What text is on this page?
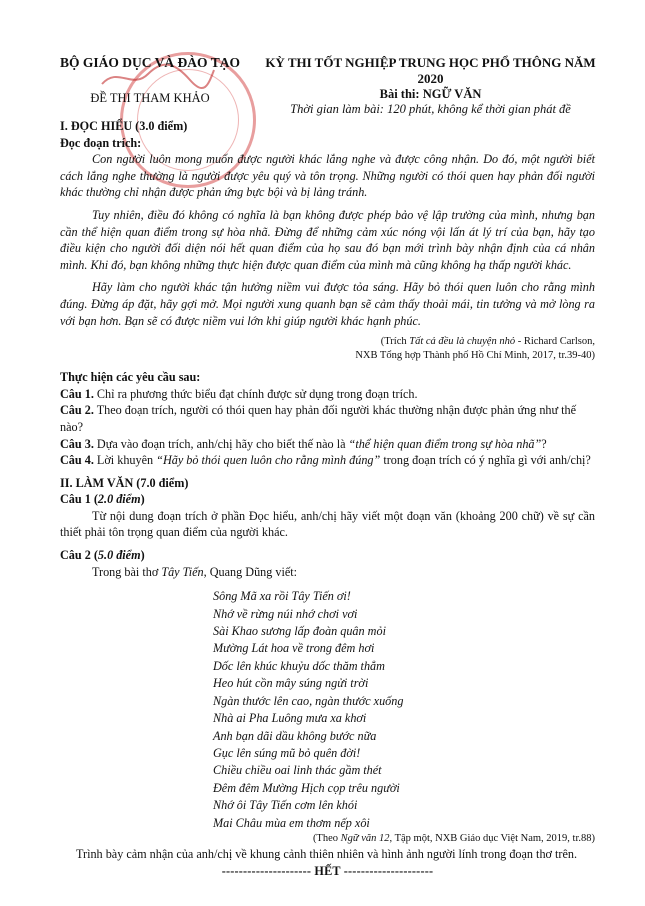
BỘ GIÁO DỤC VÀ ĐÀO TẠO
ĐỀ THI THAM KHẢO
KỲ THI TỐT NGHIỆP TRUNG HỌC PHỔ THÔNG NĂM 2020
Bài thi: NGỮ VĂN
Thời gian làm bài: 120 phút, không kể thời gian phát đề
I. ĐỌC HIỂU (3.0 điểm)
Đọc đoạn trích:

Con người luôn mong muốn được người khác lắng nghe và được công nhận. Do đó, một người biết cách lắng nghe thường là người được yêu quý và tôn trọng. Những người có thói quen hay phản đối người khác thường chỉ nhận được phản ứng bực bội và bị lảng tránh.

Tuy nhiên, điều đó không có nghĩa là bạn không được phép bảo vệ lập trường của mình, nhưng bạn cần thể hiện quan điểm trong sự hòa nhã. Đừng để những cảm xúc nóng vội lấn át lý trí của bạn, hãy tạo điều kiện cho người đối diện nói hết quan điểm của họ sau đó bạn mới trình bày nhận định của cá nhân mình. Khi đó, bạn không những thực hiện được quan điểm của mình mà cũng không hạ thấp người khác.

Hãy làm cho người khác tận hưởng niềm vui được tỏa sáng. Hãy bỏ thói quen luôn cho rằng mình đúng. Đừng áp đặt, hãy gợi mở. Mọi người xung quanh bạn sẽ cảm thấy thoải mái, tin tưởng và mở lòng ra với bạn hơn. Bạn sẽ có được niềm vui lớn khi giúp người khác hạnh phúc.

(Trích Tất cả đều là chuyện nhỏ - Richard Carlson,
NXB Tổng hợp Thành phố Hồ Chí Minh, 2017, tr.39-40)
Thực hiện các yêu cầu sau:

Câu 1. Chỉ ra phương thức biểu đạt chính được sử dụng trong đoạn trích.

Câu 2. Theo đoạn trích, người có thói quen hay phản đối người khác thường nhận được phản ứng như thế nào?

Câu 3. Dựa vào đoạn trích, anh/chị hãy cho biết thế nào là “thể hiện quan điểm trong sự hòa nhã”?

Câu 4. Lời khuyên “Hãy bỏ thói quen luôn cho rằng mình đúng” trong đoạn trích có ý nghĩa gì với anh/chị?

II. LÀM VĂN (7.0 điểm)
Câu 1 (2.0 điểm)

Từ nội dung đoạn trích ở phần Đọc hiểu, anh/chị hãy viết một đoạn văn (khoảng 200 chữ) về sự cần thiết phải tôn trọng quan điểm của người khác.

Câu 2 (5.0 điểm)

Trong bài thơ Tây Tiến, Quang Dũng viết:

Sông Mã xa rồi Tây Tiến ơi!
Nhớ về rừng núi nhớ chơi vơi
Sài Khao sương lấp đoàn quân mỏi
Mường Lát hoa về trong đêm hơi
Dốc lên khúc khuỷu dốc thăm thẳm
Heo hút cồn mây súng ngửi trời
Ngàn thước lên cao, ngàn thước xuống
Nhà ai Pha Luông mưa xa khơi
Anh bạn dãi dầu không bước nữa
Gục lên súng mũ bỏ quên đời!
Chiều chiều oai linh thác gầm thét
Đêm đêm Mường Hịch cọp trêu người
Nhớ ôi Tây Tiến cơm lên khói
Mai Châu mùa em thơm nếp xôi
(Theo Ngữ văn 12, Tập một, NXB Giáo dục Việt Nam, 2019, tr.88)

Trình bày cảm nhận của anh/chị về khung cảnh thiên nhiên và hình ảnh người lính trong đoạn thơ trên.

--------------------- HẾT ---------------------
